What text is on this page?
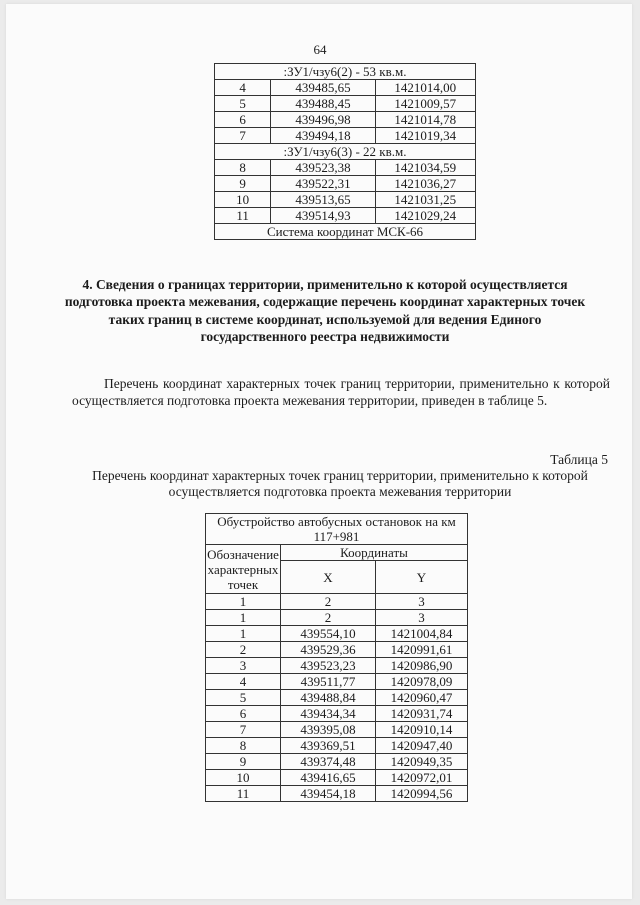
64
:ЗУ1/чзу6(2) - 53 кв.м.		
4	439485,65	1421014,00
5	439488,45	1421009,57
6	439496,98	1421014,78
7	439494,18	1421019,34
:ЗУ1/чзу6(3) - 22 кв.м.		
8	439523,38	1421034,59
9	439522,31	1421036,27
10	439513,65	1421031,25
11	439514,93	1421029,24
Система координат МСК-66		
4. Сведения о границах территории, применительно к которой осуществляется подготовка проекта межевания, содержащие перечень координат характерных точек таких границ в системе координат, используемой для ведения Единого государственного реестра недвижимости
Перечень координат характерных точек границ территории, применительно к которой осуществляется подготовка проекта межевания территории, приведен в таблице 5.
Таблица 5
Перечень координат характерных точек границ территории, применительно к которой осуществляется подготовка проекта межевания территории
Обустройство автобусных остановок на км 117+981		
Обозначение характерных точек	Координаты	
	X	Y
1	2	3
1	2	3
1	439554,10	1421004,84
2	439529,36	1420991,61
3	439523,23	1420986,90
4	439511,77	1420978,09
5	439488,84	1420960,47
6	439434,34	1420931,74
7	439395,08	1420910,14
8	439369,51	1420947,40
9	439374,48	1420949,35
10	439416,65	1420972,01
11	439454,18	1420994,56
